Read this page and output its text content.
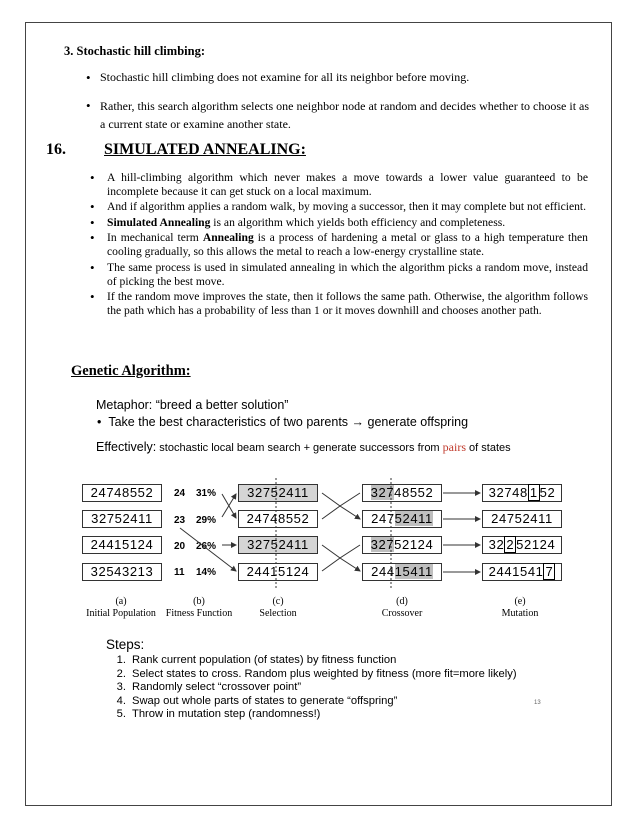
3. Stochastic hill climbing:
• Stochastic hill climbing does not examine for all its neighbor before moving.
• Rather, this search algorithm selects one neighbor node at random and decides whether to choose it as a current state or examine another state.
16. SIMULATED ANNEALING:
• A hill-climbing algorithm which never makes a move towards a lower value guaranteed to be incomplete because it can get stuck on a local maximum.
• And if algorithm applies a random walk, by moving a successor, then it may complete but not efficient.
• Simulated Annealing is an algorithm which yields both efficiency and completeness.
• In mechanical term Annealing is a process of hardening a metal or glass to a high temperature then cooling gradually, so this allows the metal to reach a low-energy crystalline state.
• The same process is used in simulated annealing in which the algorithm picks a random move, instead of picking the best move.
• If the random move improves the state, then it follows the same path. Otherwise, the algorithm follows the path which has a probability of less than 1 or it moves downhill and chooses another path.
Genetic Algorithm:
Metaphor: “breed a better solution”
• Take the best characteristics of two parents → generate offspring
Effectively: stochastic local beam search + generate successors from pairs of states
24748552
32752411
24415124
32543213
24 31%
23 29%
20 26%
11 14%
32752411
24748552
32752411
24415124
32748552
24752411
32752124
24415411
32748 1 52
24752411
32 2 52124
2441541 7
(a)
Initial Population
(b)
Fitness Function
(c)
Selection
(d)
Crossover
(e)
Mutation
Steps:
1. Rank current population (of states) by fitness function
2. Select states to cross. Random plus weighted by fitness (more fit=more likely)
3. Randomly select “crossover point”
4. Swap out whole parts of states to generate “offspring”
5. Throw in mutation step (randomness!)
13
